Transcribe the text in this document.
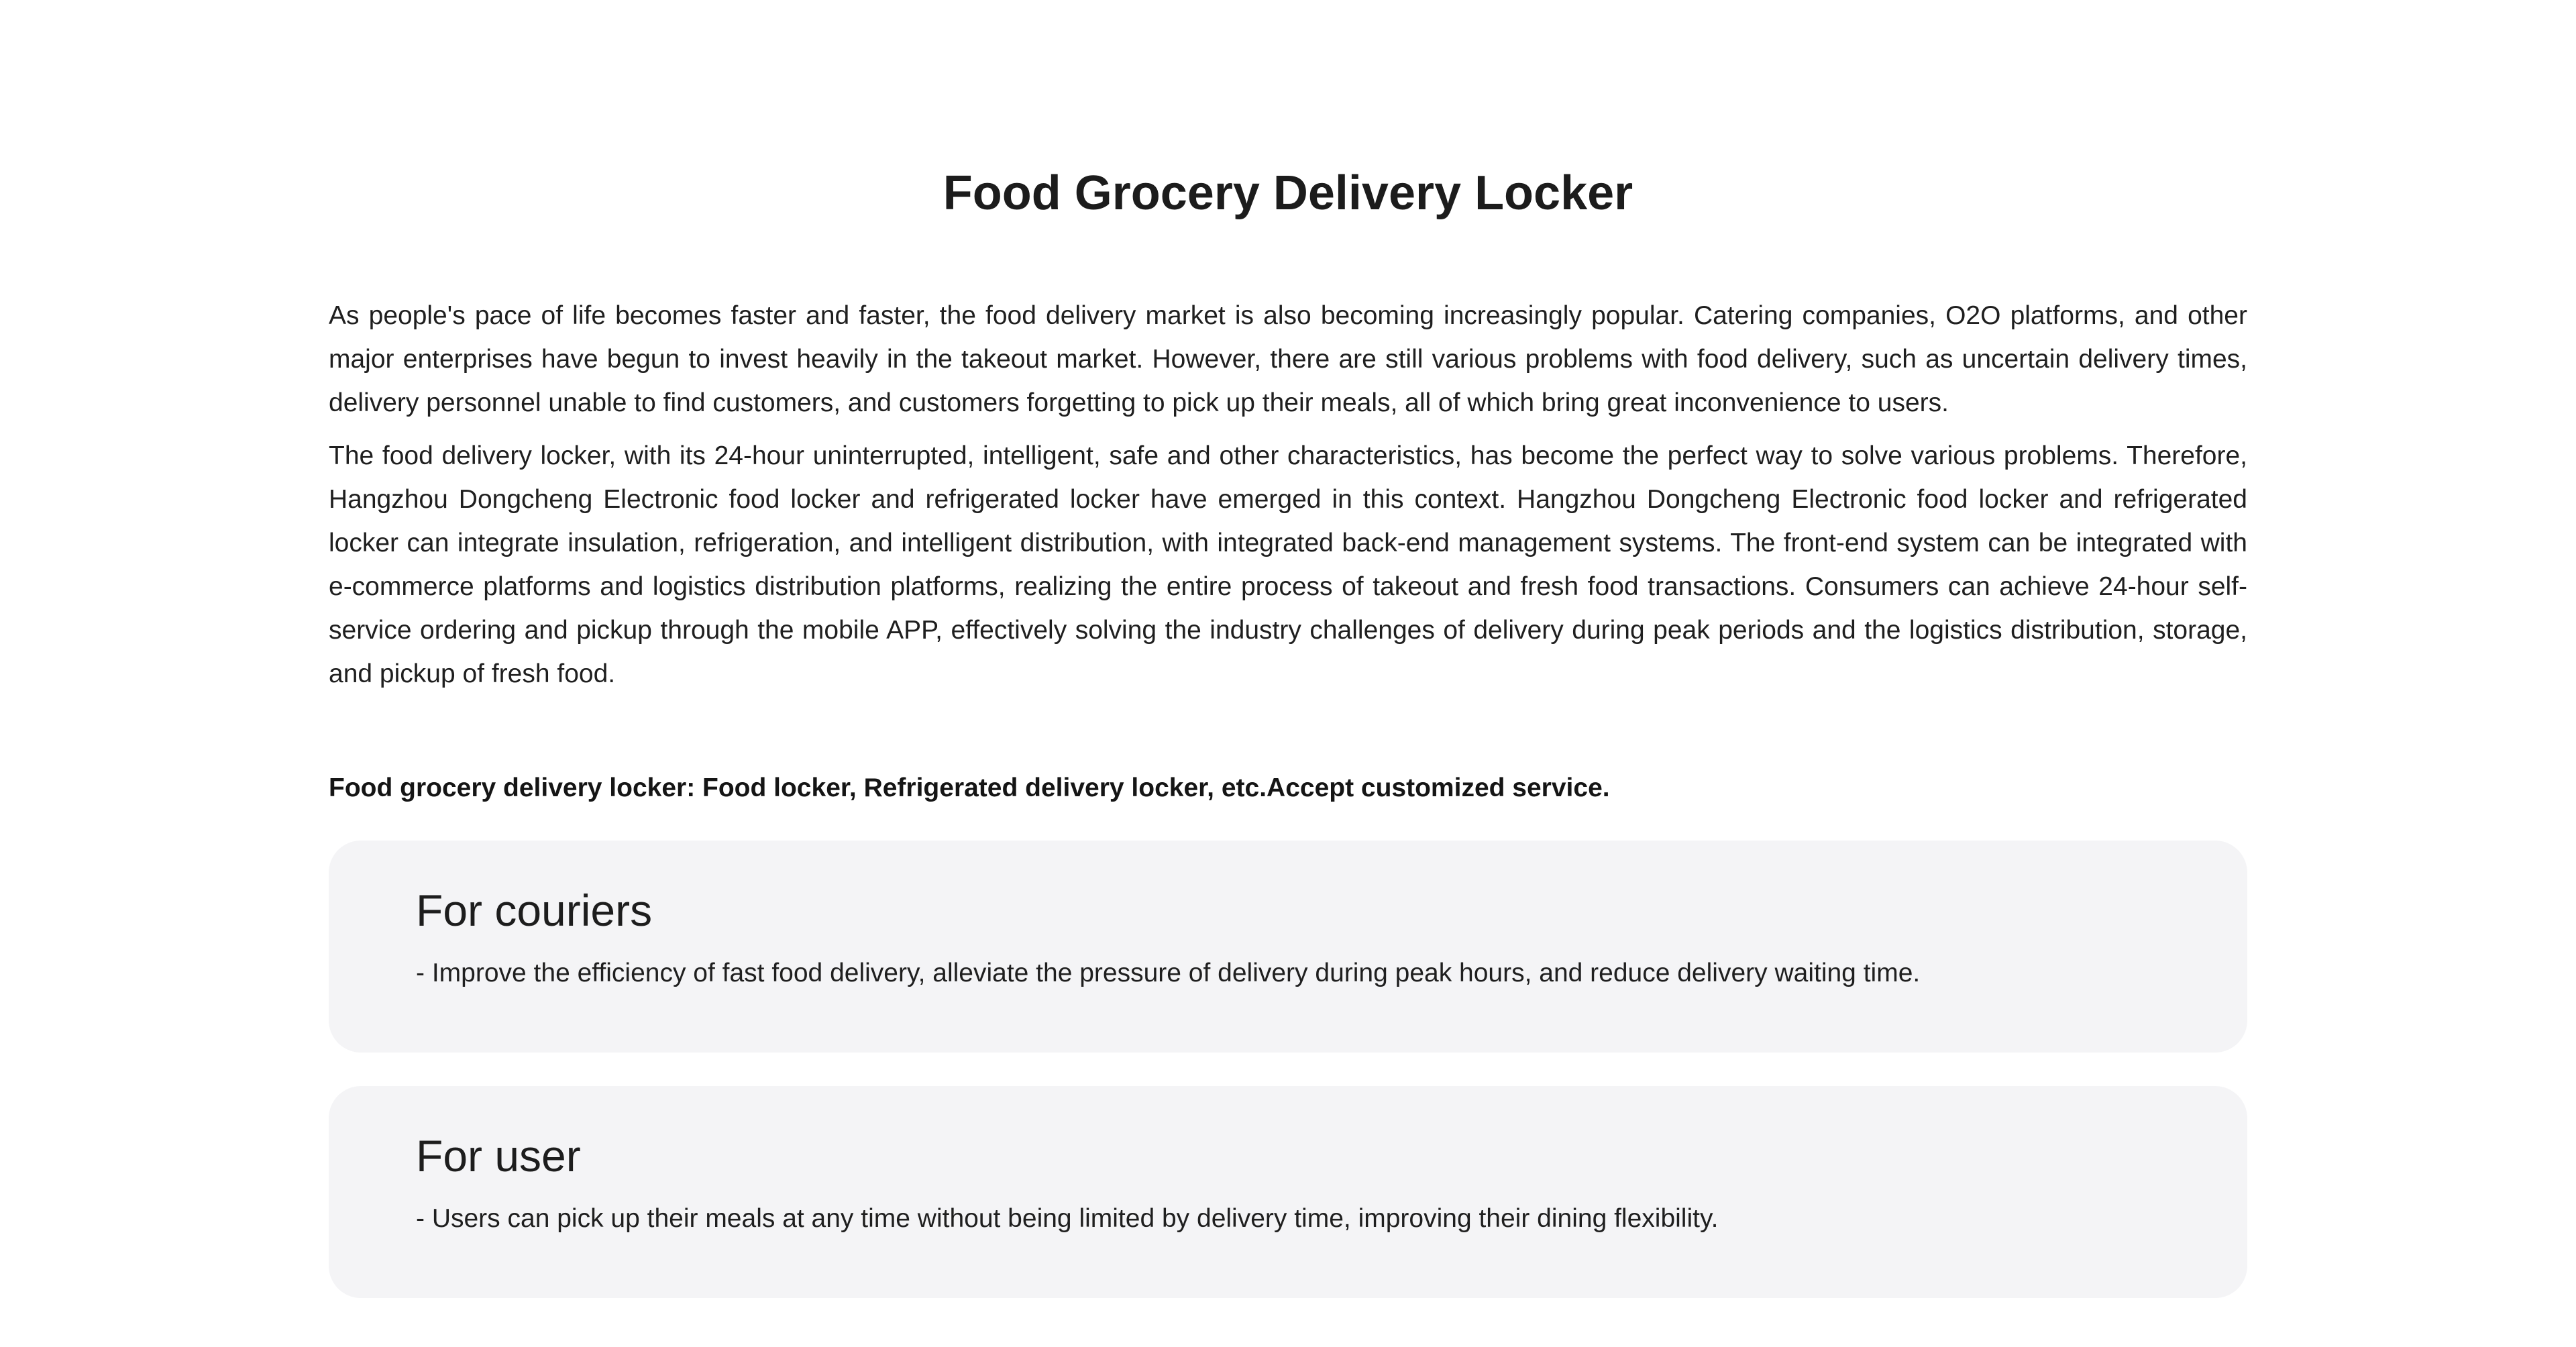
Food Grocery Delivery Locker

As people's pace of life becomes faster and faster, the food delivery market is also becoming increasingly popular. Catering companies, O2O platforms, and other major enterprises have begun to invest heavily in the takeout market. However, there are still various problems with food delivery, such as uncertain delivery times, delivery personnel unable to find customers, and customers forgetting to pick up their meals, all of which bring great inconvenience to users.

The food delivery locker, with its 24-hour uninterrupted, intelligent, safe and other characteristics, has become the perfect way to solve various problems. Therefore, Hangzhou Dongcheng Electronic food locker and refrigerated locker have emerged in this context. Hangzhou Dongcheng Electronic food locker and refrigerated locker can integrate insulation, refrigeration, and intelligent distribution, with integrated back-end management systems. The front-end system can be integrated with e-commerce platforms and logistics distribution platforms, realizing the entire process of takeout and fresh food transactions. Consumers can achieve 24-hour self-service ordering and pickup through the mobile APP, effectively solving the industry challenges of delivery during peak periods and the logistics distribution, storage, and pickup of fresh food.

Food grocery delivery locker: Food locker, Refrigerated delivery locker, etc.Accept customized service.

For couriers

- Improve the efficiency of fast food delivery, alleviate the pressure of delivery during peak hours, and reduce delivery waiting time.

For user

- Users can pick up their meals at any time without being limited by delivery time, improving their dining flexibility.
